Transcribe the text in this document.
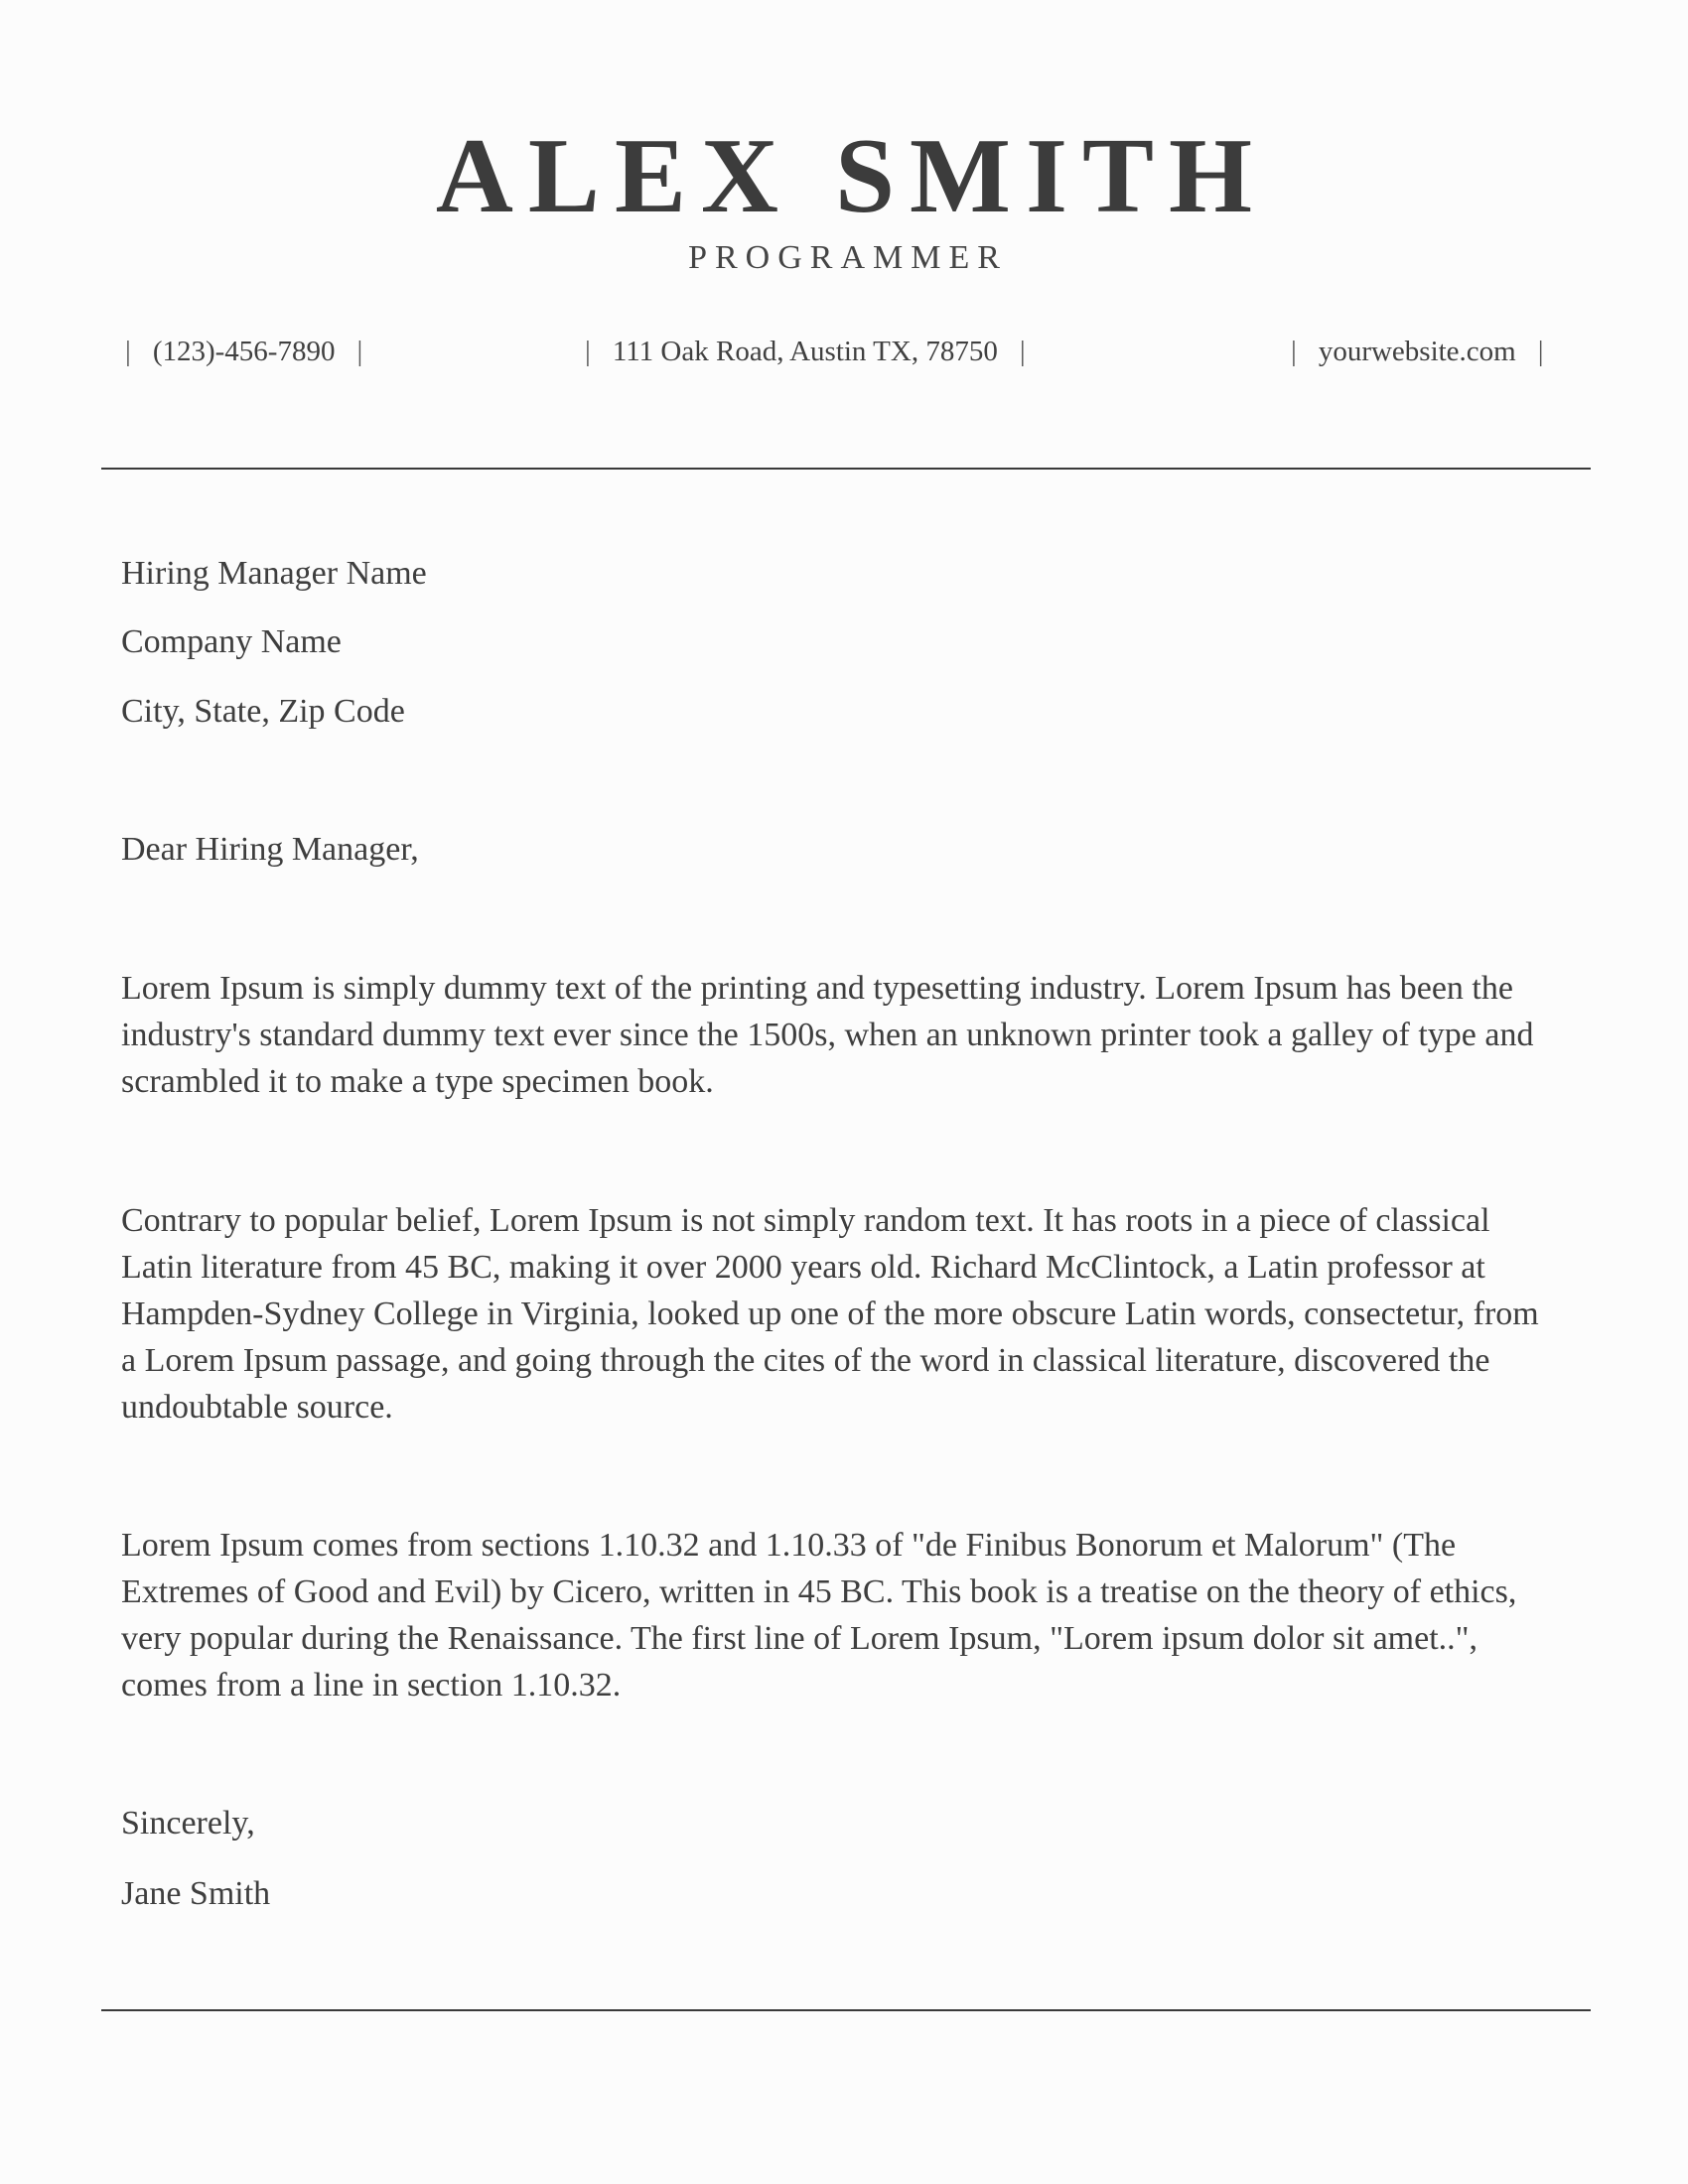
ALEX SMITH
PROGRAMMER
| (123)-456-7890 |	| 111 Oak Road, Austin TX, 78750 |	| yourwebsite.com |
Hiring Manager Name
Company Name
City, State, Zip Code
Dear Hiring Manager,

Lorem Ipsum is simply dummy text of the printing and typesetting industry. Lorem Ipsum has been the industry's standard dummy text ever since the 1500s, when an unknown printer took a galley of type and scrambled it to make a type specimen book.

Contrary to popular belief, Lorem Ipsum is not simply random text. It has roots in a piece of classical Latin literature from 45 BC, making it over 2000 years old. Richard McClintock, a Latin professor at Hampden-Sydney College in Virginia, looked up one of the more obscure Latin words, consectetur, from a Lorem Ipsum passage, and going through the cites of the word in classical literature, discovered the undoubtable source.

Lorem Ipsum comes from sections 1.10.32 and 1.10.33 of "de Finibus Bonorum et Malorum" (The Extremes of Good and Evil) by Cicero, written in 45 BC. This book is a treatise on the theory of ethics, very popular during the Renaissance. The first line of Lorem Ipsum, "Lorem ipsum dolor sit amet..", comes from a line in section 1.10.32.

Sincerely,
Jane Smith
